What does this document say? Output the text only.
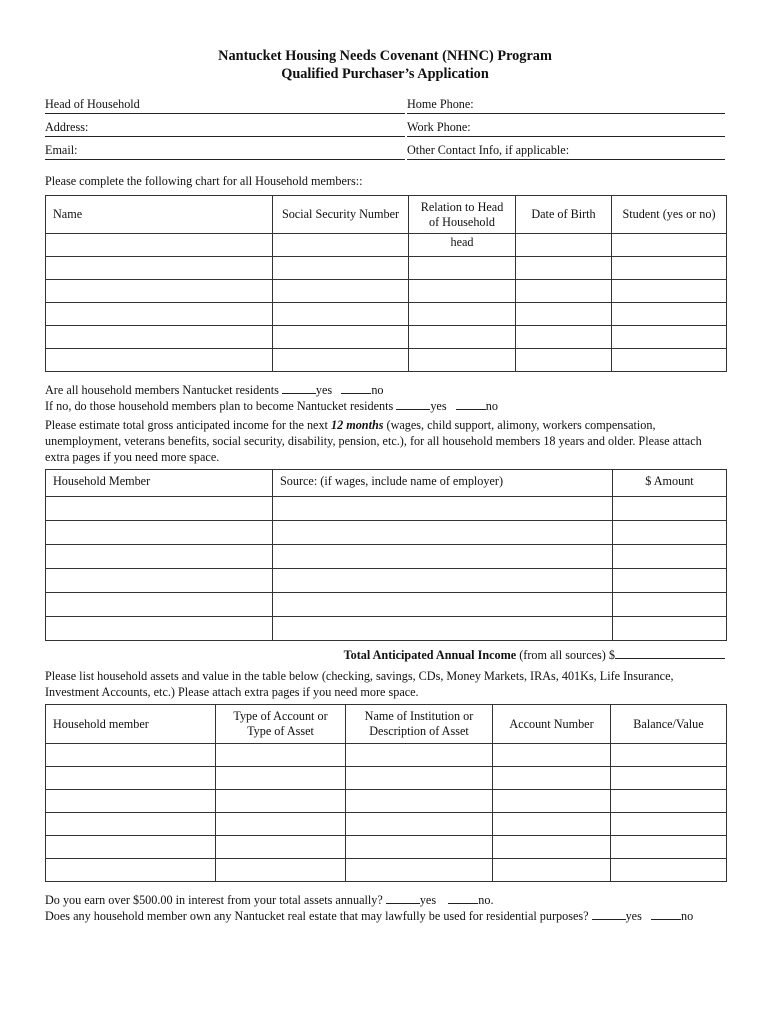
Nantucket Housing Needs Covenant (NHNC) Program
Qualified Purchaser’s Application
Head of Household	Home Phone:
Address:	Work Phone:
Email:	Other Contact Info, if applicable:
Please complete the following chart for all Household members::
Name	Social Security Number	Relation to Head of Household	Date of Birth	Student (yes or no)
		head		

Are all household members Nantucket residents	yes	no
If no, do those household members plan to become Nantucket residents	yes	no
Please estimate total gross anticipated income for the next 12 months (wages, child support, alimony, workers compensation, unemployment, veterans benefits, social security, disability, pension, etc.), for all household members 18 years and older. Please attach extra pages if you need more space.
Household Member	Source: (if wages, include name of employer)	$ Amount

Total Anticipated Annual Income (from all sources) $
Please list household assets and value in the table below (checking, savings, CDs, Money Markets, IRAs, 401Ks, Life Insurance, Investment Accounts, etc.) Please attach extra pages if you need more space.
Household member	Type of Account or Type of Asset	Name of Institution or Description of Asset	Account Number	Balance/Value

Do you earn over $500.00 in interest from your total assets annually?	yes	no.
Does any household member own any Nantucket real estate that may lawfully be used for residential purposes?	yes	no
